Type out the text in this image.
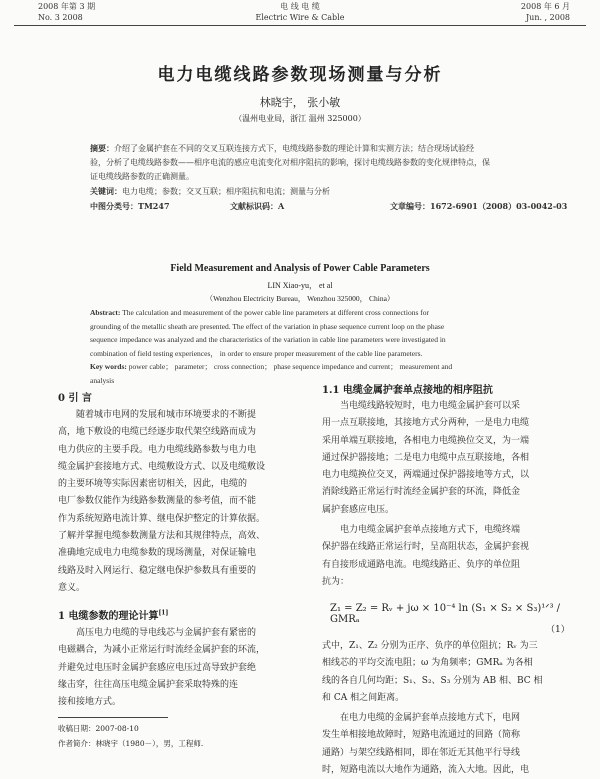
2008 年第 3 期
No. 3 2008
电 线 电 缆
Electric Wire & Cable
2008 年 6 月
Jun. , 2008
电力电缆线路参数现场测量与分析
林晓宇， 张小敏
（温州电业局，浙江 温州 325000）
摘要：介绍了金属护套在不同的交叉互联连接方式下，电缆线路参数的理论计算和实测方法；结合现场试验经
验，分析了电缆线路参数——相序电流的感应电流变化对相序阻抗的影响，探讨电缆线路参数的变化规律特点，保
证电缆线路参数的正确测量。
关键词：电力电缆；参数；交叉互联；相序阻抗和电流；测量与分析
中图分类号：TM247	文献标识码：A	文章编号：1672-6901（2008）03-0042-03
Field Measurement and Analysis of Power Cable Parameters
LIN Xiao-yu， et al
（Wenzhou Electricity Bureau， Wenzhou 325000， China）
Abstract: The calculation and measurement of the power cable line parameters at different cross connections for
grounding of the metallic sheath are presented. The effect of the variation in phase sequence current loop on the phase
sequence impedance was analyzed and the characteristics of the variation in cable line parameters were investigated in
combination of field testing experiences， in order to ensure proper measurement of the cable line parameters.
Key words: power cable； parameter； cross connection； phase sequence impedance and current； measurement and
analysis
0 引 言
随着城市电网的发展和城市环境要求的不断提
高，地下敷设的电缆已经逐步取代架空线路而成为
电力供应的主要手段。电力电缆线路参数与电力电
缆金属护套接地方式、电缆敷设方式、以及电缆敷设
的主要环境等实际因素密切相关，因此，电缆的
电厂参数仅能作为线路参数测量的参考值，而不能
作为系统短路电流计算、继电保护整定的计算依据。
了解并掌握电缆参数测量方法和其规律特点，高效、
准确地完成电力电缆参数的现场测量，对保证输电
线路及时入网运行、稳定继电保护参数具有重要的
意义。
1 电缆参数的理论计算[1]
高压电力电缆的导电线芯与金属护套有紧密的
电磁耦合，为减小正常运行时流经金属护套的环流，
并避免过电压时金属护套感应电压过高导致护套绝
缘击穿，往往高压电缆金属护套采取特殊的连
接和接地方式。
收稿日期：2007-08-10
作者简介：林晓宇（1980－），男，工程师.
1.1 电缆金属护套单点接地的相序阻抗
当电缆线路较短时，电力电缆金属护套可以采
用一点互联接地，其接地方式分两种，一是电力电缆
采用单端互联接地，各相电力电缆换位交叉，为一端
通过保护器接地；二是电力电缆中点互联接地，各相
电力电缆换位交叉，两端通过保护器接地等方式，以
消除线路正常运行时流经金属护套的环流，降低金
属护套感应电压。
电力电缆金属护套单点接地方式下，电缆终端
保护器在线路正常运行时，呈高阻状态，金属护套视
有自接形成通路电流。电缆线路正、负序的单位阻
抗为：
Z₁ = Z₂ = Rᵥ + jω × 10⁻⁴ ln (S₁ × S₂ × S₃)¹ᐟ³ / GMRₐ
（1）
式中，Z₁、Z₂ 分别为正序、负序的单位阻抗；Rᵥ 为三
相线芯的平均交流电阻；ω 为角频率；GMRₐ 为各相
线的各自几何均距；S₁、S₂、S₃ 分别为 AB 相、BC 相
和 CA 相之间距离。
在电力电缆的金属护套单点接地方式下，电网
发生单相接地故障时，短路电流通过的回路（简称
通路）与架空线路相同，即在邻近无其他平行导线
时，短路电流以大地作为通路，流入大地。因此，电
